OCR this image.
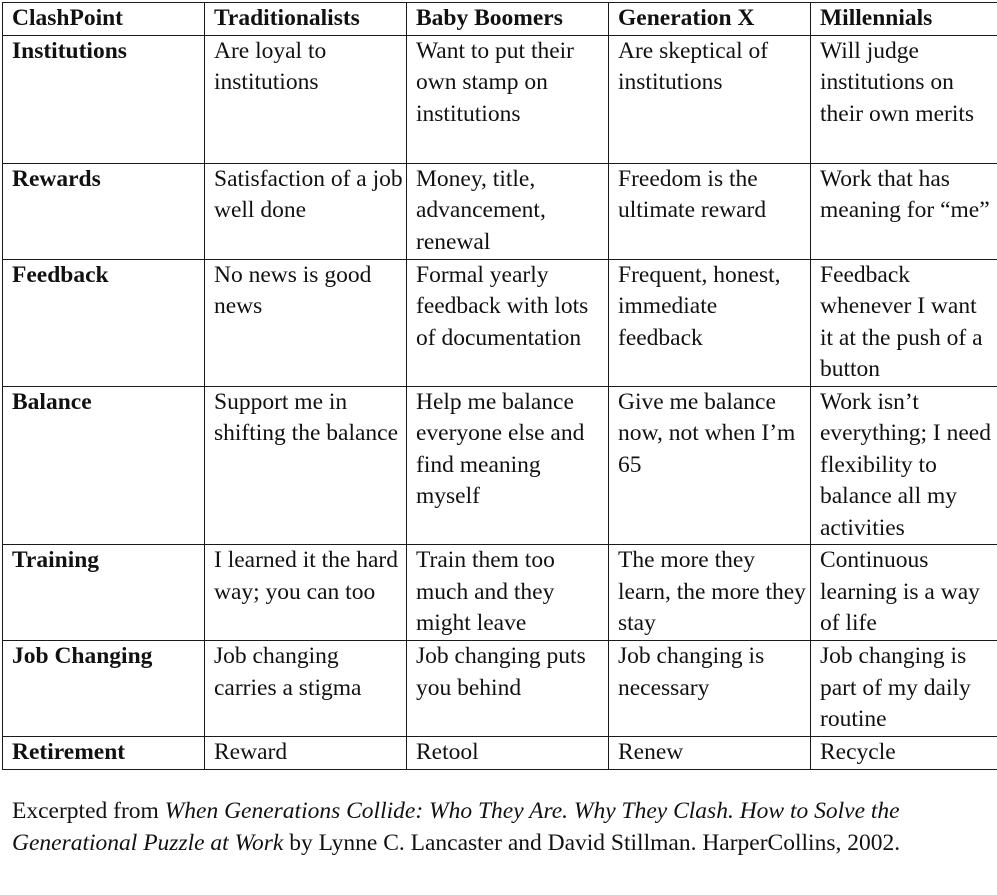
ClashPoint	Traditionalists	Baby Boomers	Generation X	Millennials
Institutions	Are loyal to institutions	Want to put their own stamp on institutions	Are skeptical of institutions	Will judge institutions on their own merits
Rewards	Satisfaction of a job well done	Money, title, advancement, renewal	Freedom is the ultimate reward	Work that has meaning for “me”
Feedback	No news is good news	Formal yearly feedback with lots of documentation	Frequent, honest, immediate feedback	Feedback whenever I want it at the push of a button
Balance	Support me in shifting the balance	Help me balance everyone else and find meaning myself	Give me balance now, not when I’m 65	Work isn’t everything; I need flexibility to balance all my activities
Training	I learned it the hard way; you can too	Train them too much and they might leave	The more they learn, the more they stay	Continuous learning is a way of life
Job Changing	Job changing carries a stigma	Job changing puts you behind	Job changing is necessary	Job changing is part of my daily routine
Retirement	Reward	Retool	Renew	Recycle
Excerpted from When Generations Collide: Who They Are. Why They Clash. How to Solve the Generational Puzzle at Work by Lynne C. Lancaster and David Stillman. HarperCollins, 2002.
